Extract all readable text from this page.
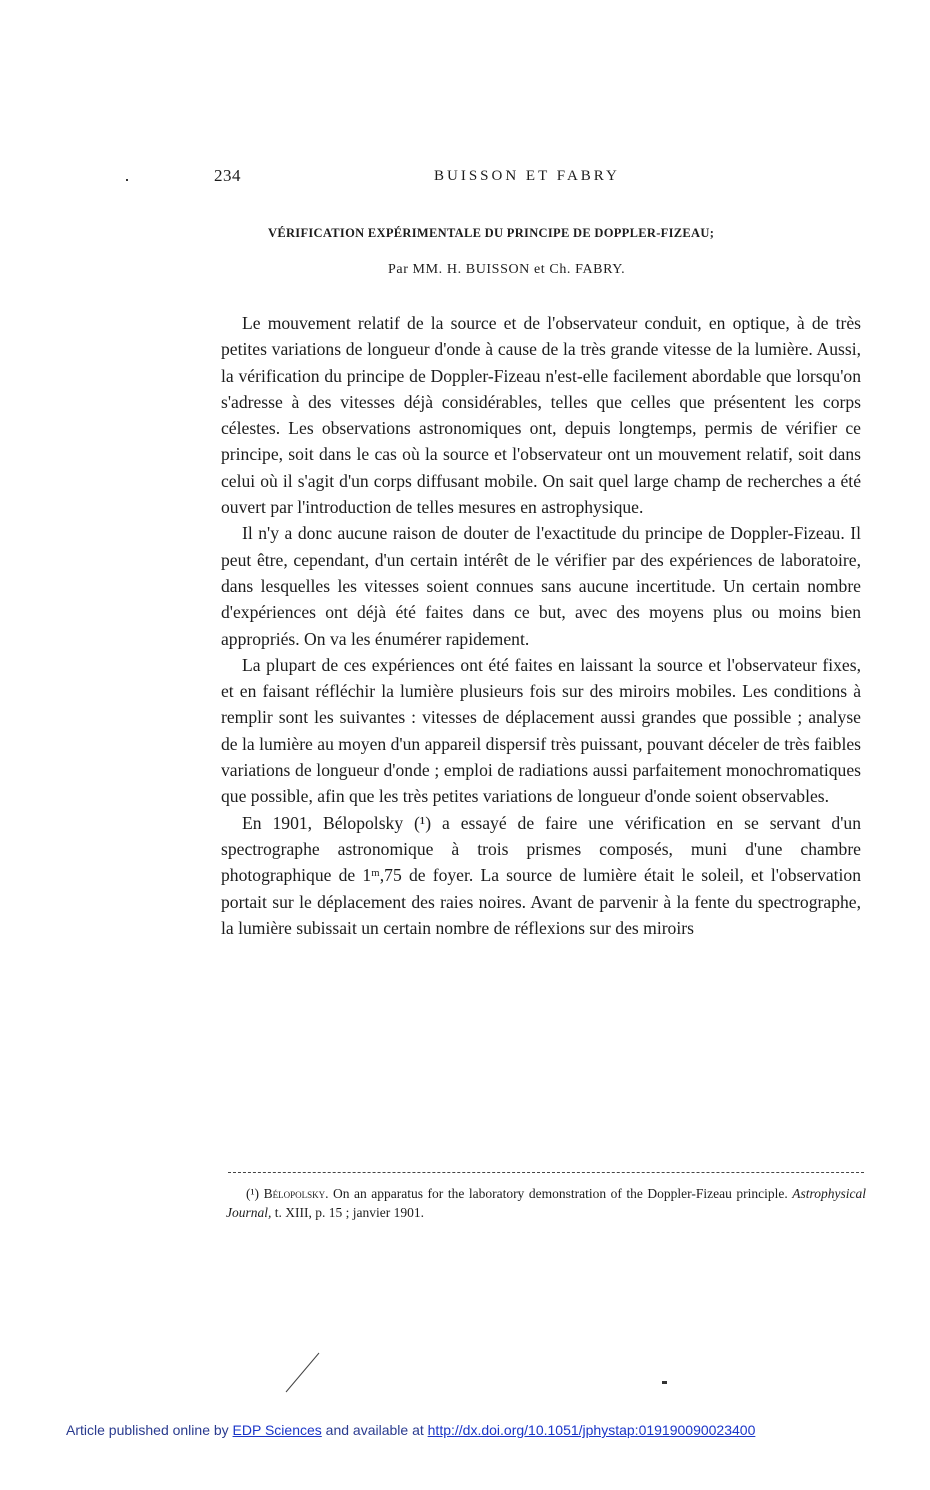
234	BUISSON ET FABRY
VÉRIFICATION EXPÉRIMENTALE DU PRINCIPE DE DOPPLER-FIZEAU;
Par MM. H. BUISSON et Ch. FABRY.

Le mouvement relatif de la source et de l'observateur conduit, en optique, à de très petites variations de longueur d'onde à cause de la très grande vitesse de la lumière. Aussi, la vérification du principe de Doppler-Fizeau n'est-elle facilement abordable que lorsqu'on s'adresse à des vitesses déjà considérables, telles que celles que présentent les corps célestes. Les observations astronomiques ont, depuis longtemps, permis de vérifier ce principe, soit dans le cas où la source et l'observateur ont un mouvement relatif, soit dans celui où il s'agit d'un corps diffusant mobile. On sait quel large champ de recherches a été ouvert par l'introduction de telles mesures en astrophysique.

Il n'y a donc aucune raison de douter de l'exactitude du principe de Doppler-Fizeau. Il peut être, cependant, d'un certain intérêt de le vérifier par des expériences de laboratoire, dans lesquelles les vitesses soient connues sans aucune incertitude. Un certain nombre d'expériences ont déjà été faites dans ce but, avec des moyens plus ou moins bien appropriés. On va les énumérer rapidement.

La plupart de ces expériences ont été faites en laissant la source et l'observateur fixes, et en faisant réfléchir la lumière plusieurs fois sur des miroirs mobiles. Les conditions à remplir sont les suivantes : vitesses de déplacement aussi grandes que possible ; analyse de la lumière au moyen d'un appareil dispersif très puissant, pouvant déceler de très faibles variations de longueur d'onde ; emploi de radiations aussi parfaitement monochromatiques que possible, afin que les très petites variations de longueur d'onde soient observables.

En 1901, Bélopolsky (¹) a essayé de faire une vérification en se servant d'un spectrographe astronomique à trois prismes composés, muni d'une chambre photographique de 1ᵐ,75 de foyer. La source de lumière était le soleil, et l'observation portait sur le déplacement des raies noires. Avant de parvenir à la fente du spectrographe, la lumière subissait un certain nombre de réflexions sur des miroirs

(¹) Bélopolsky. On an apparatus for the laboratory demonstration of the Doppler-Fizeau principle. Astrophysical Journal, t. XIII, p. 15 ; janvier 1901.
Article published online by EDP Sciences and available at http://dx.doi.org/10.1051/jphystap:019190090023400
